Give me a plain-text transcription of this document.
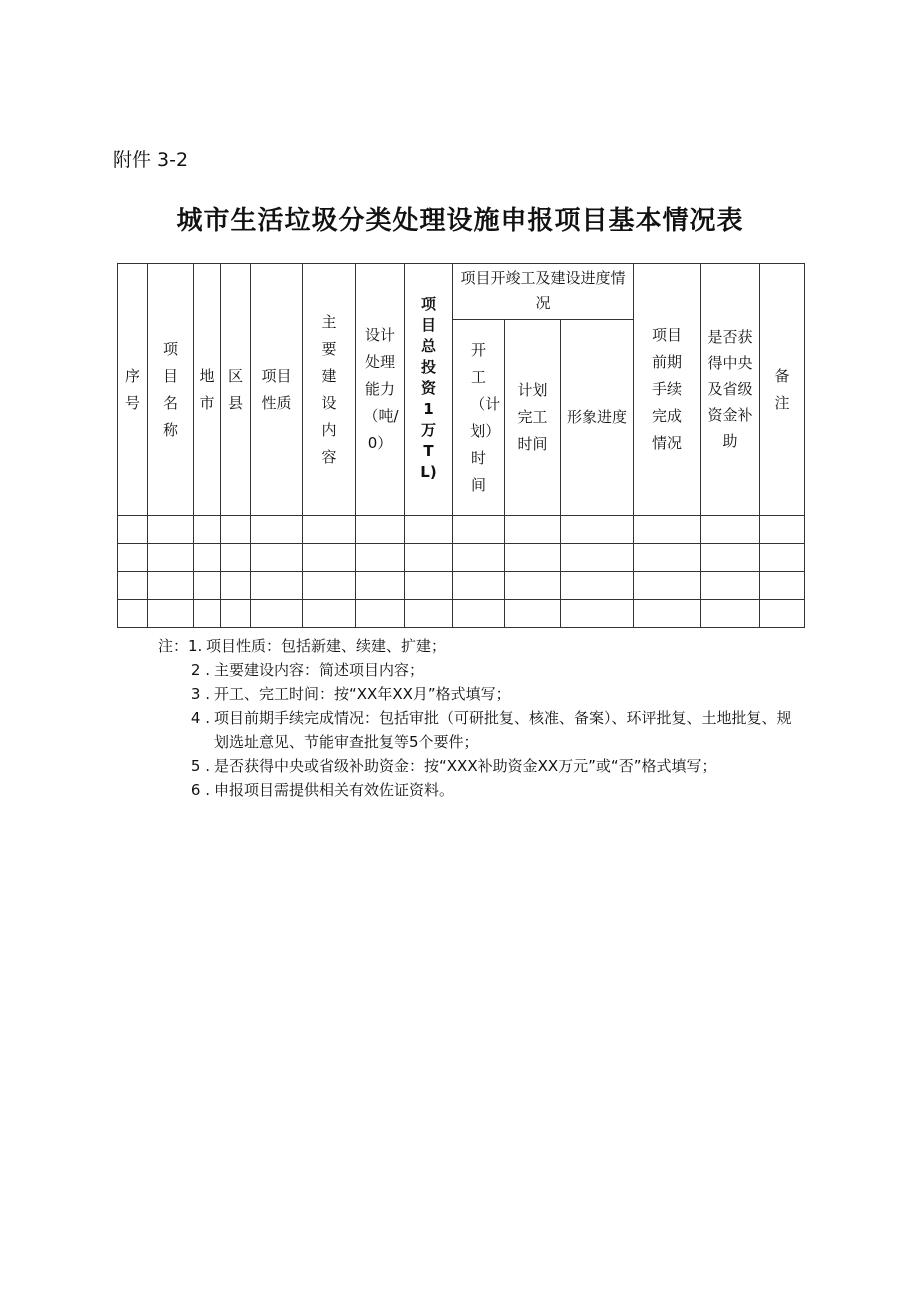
附件 3-2
城市生活垃圾分类处理设施申报项目基本情况表
序号	项目名称	地市	区县	项目性质	主要建设内容	设计处理能力（吨/0）	项目总投资1万TL)	项目开竣工及建设进度情况			项目前期手续完成情况	是否获得中央及省级资金补助	备注
								开工（计划）时间	计划完工时间	形象进度			

注：1. 项目性质：包括新建、续建、扩建；
2 . 主要建设内容：简述项目内容；
3 . 开工、完工时间：按“XX年XX月”格式填写；
4 . 项目前期手续完成情况：包括审批（可研批复、核准、备案）、环评批复、土地批复、规划选址意见、节能审查批复等5个要件；
5 . 是否获得中央或省级补助资金：按“XXX补助资金XX万元”或“否”格式填写；
6 . 申报项目需提供相关有效佐证资料。
